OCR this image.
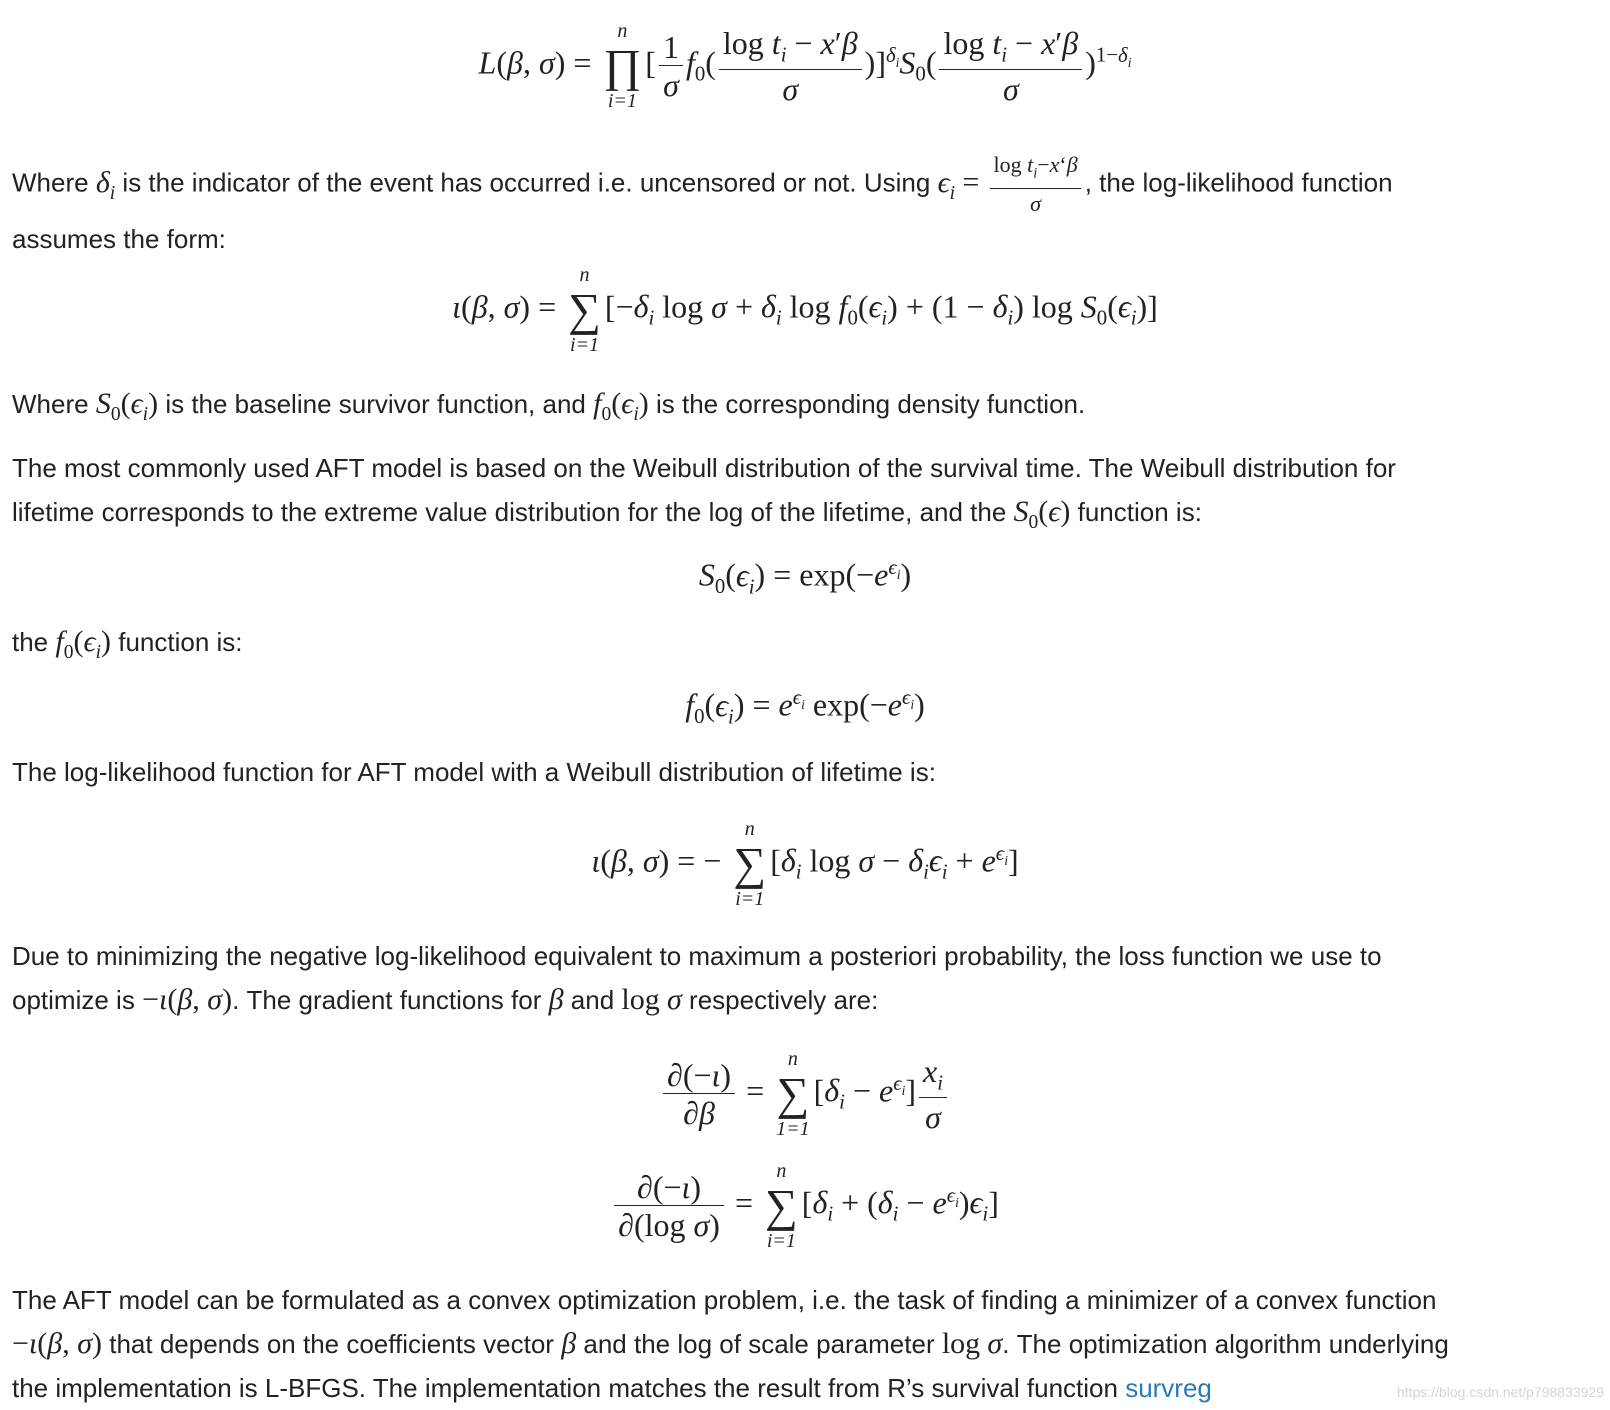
L(β, σ) =
n
∏
i=1
[ $\frac{1}{\sigma} f_0( \frac{\log t_i - x'\beta}{\sigma} )]^{\delta_i}S_0( \frac{\log t_i - x'\beta}{\sigma} )^{1-\delta_i}$
Where $\delta_i$ is the indicator of the event has occurred i.e. uncensored or not. Using $\epsilon_i = \frac{\log t_i-x‘\beta}{\sigma}$ , the log-likelihood function
assumes the form:
ι(β, σ) =
n
∑
i=1
[$-\delta_i$ $\log \sigma + \delta_i$ $\log f_0(\epsilon_i) + (1 - \delta_i)$ $\log S_0(\epsilon_i)$]
Where $S_0(\epsilon_i)$ is the baseline survivor function, and $f_0(\epsilon_i)$ is the corresponding density function.
The most commonly used AFT model is based on the Weibull distribution of the survival time. The Weibull distribution for
lifetime corresponds to the extreme value distribution for the log of the lifetime, and the $S_0(\epsilon)$ function is:
$S_0(\epsilon_i) = \exp(-e^{\epsilon_i})$
the $f_0(\epsilon_i)$ function is:
$f_0(\epsilon_i) = e^{\epsilon_i}$ $\exp(-e^{\epsilon_i})$
The log-likelihood function for AFT model with a Weibull distribution of lifetime is:
ι(β, σ) = −
n
∑
i=1
[$\delta_i$ $\log \sigma - \delta_i\epsilon_i + e^{\epsilon_i}$]
Due to minimizing the negative log-likelihood equivalent to maximum a posteriori probability, the loss function we use to
optimize is −ι(β, σ). The gradient functions for β and log σ respectively are:
$\frac{\partial(-\iota)}{\partial\beta}$ =
n
∑
1=1
$[\delta_i - e^{\epsilon_i}] \frac{x_i}{\sigma}$
$\frac{\partial(-\iota)}{\text{∂(log σ)}}$ =
n
∑
i=1
$[\delta_i + (\delta_i - e^{\epsilon_i})\epsilon_i]$
The AFT model can be formulated as a convex optimization problem, i.e. the task of finding a minimizer of a convex function
−ι(β, σ) that depends on the coefficients vector β and the log of scale parameter log σ. The optimization algorithm underlying
the implementation is L-BFGS. The implementation matches the result from R’s survival function survreg	https://blog.csdn.net/p798833929
